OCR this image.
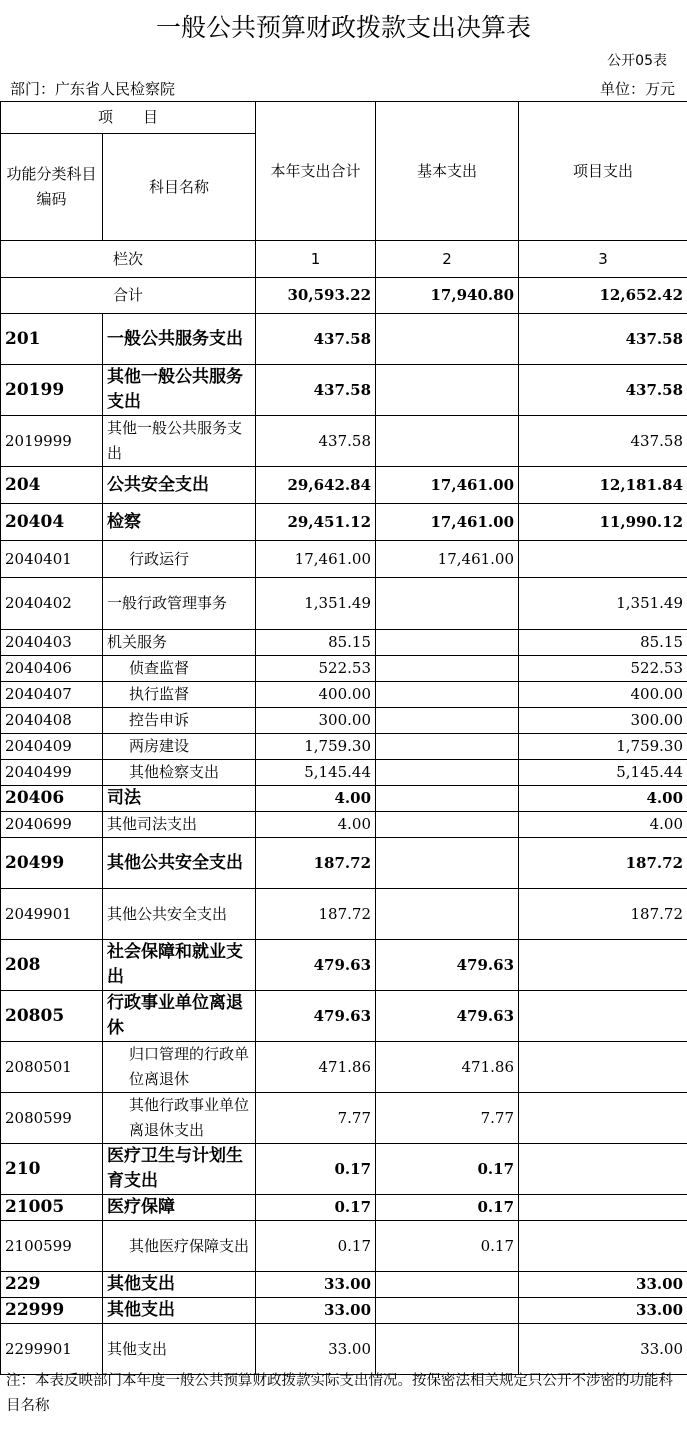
一般公共预算财政拨款支出决算表
公开05表
部门：广东省人民检察院	单位：万元
项　　目		本年支出合计	基本支出	项目支出
功能分类科目编码	科目名称			
栏次		1	2	3
合计		30,593.22	17,940.80	12,652.42
201	一般公共服务支出	437.58		437.58
20199	其他一般公共服务支出	437.58		437.58
2019999	其他一般公共服务支出	437.58		437.58
204	公共安全支出	29,642.84	17,461.00	12,181.84
20404	检察	29,451.12	17,461.00	11,990.12
2040401	行政运行	17,461.00	17,461.00	
2040402	一般行政管理事务	1,351.49		1,351.49
2040403	机关服务	85.15		85.15
2040406	侦查监督	522.53		522.53
2040407	执行监督	400.00		400.00
2040408	控告申诉	300.00		300.00
2040409	两房建设	1,759.30		1,759.30
2040499	其他检察支出	5,145.44		5,145.44
20406	司法	4.00		4.00
2040699	其他司法支出	4.00		4.00
20499	其他公共安全支出	187.72		187.72
2049901	其他公共安全支出	187.72		187.72
208	社会保障和就业支出	479.63	479.63	
20805	行政事业单位离退休	479.63	479.63	
2080501	归口管理的行政单位离退休	471.86	471.86	
2080599	其他行政事业单位离退休支出	7.77	7.77	
210	医疗卫生与计划生育支出	0.17	0.17	
21005	医疗保障	0.17	0.17	
2100599	其他医疗保障支出	0.17	0.17	
229	其他支出	33.00		33.00
22999	其他支出	33.00		33.00
2299901	其他支出	33.00		33.00
注：本表反映部门本年度一般公共预算财政拨款实际支出情况。按保密法相关规定只公开不涉密的功能科目名称
